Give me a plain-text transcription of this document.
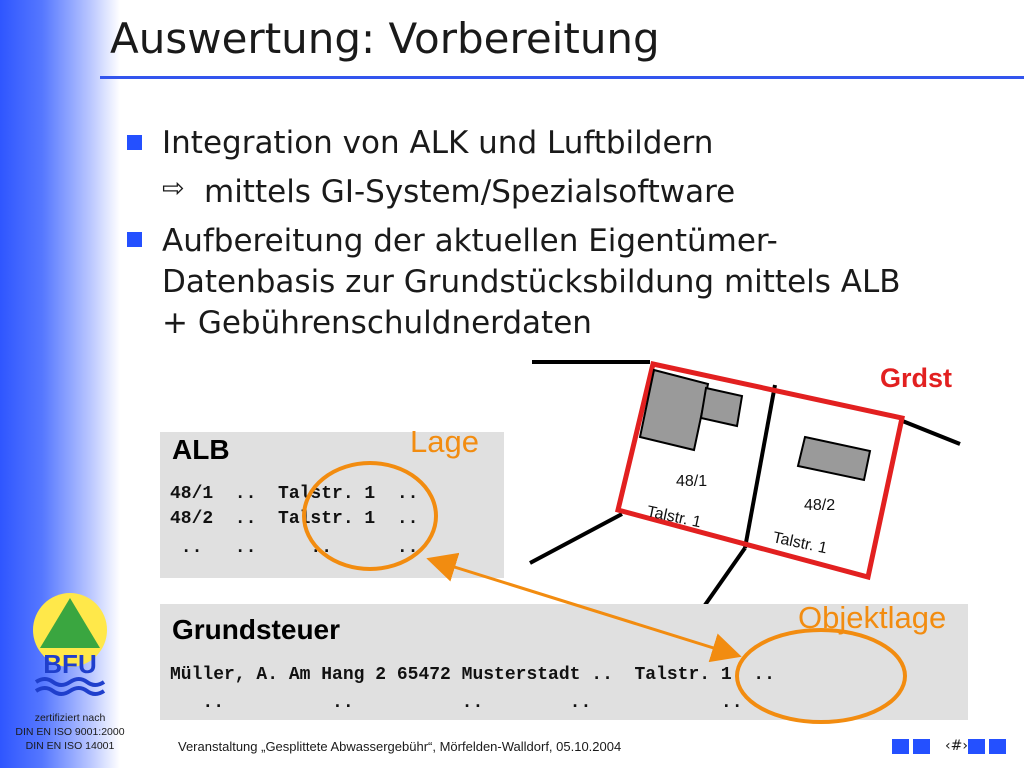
Auswertung: Vorbereitung
Integration von ALK und Luftbildern
⇨ mittels GI-System/Spezialsoftware
Aufbereitung der aktuellen Eigentümer-
Datenbasis zur Grundstücksbildung mittels ALB
+ Gebührenschuldnerdaten
48/1
48/2
Talstr. 1
Talstr. 1
Grdst
ALB	Lage
48/1  ..  Talstr. 1  ..
48/2  ..  Talstr. 1  ..
..   ..     ..      ..
Grundsteuer	Objektlage
Müller, A. Am Hang 2 65472 Musterstadt ..  Talstr. 1  ..
..          ..          ..        ..            ..
BFU
zertifiziert nach
DIN EN ISO 9001:2000
DIN EN ISO 14001	Veranstaltung „Gesplittete Abwassergebühr“, Mörfelden-Walldorf, 05.10.2004	‹#›
